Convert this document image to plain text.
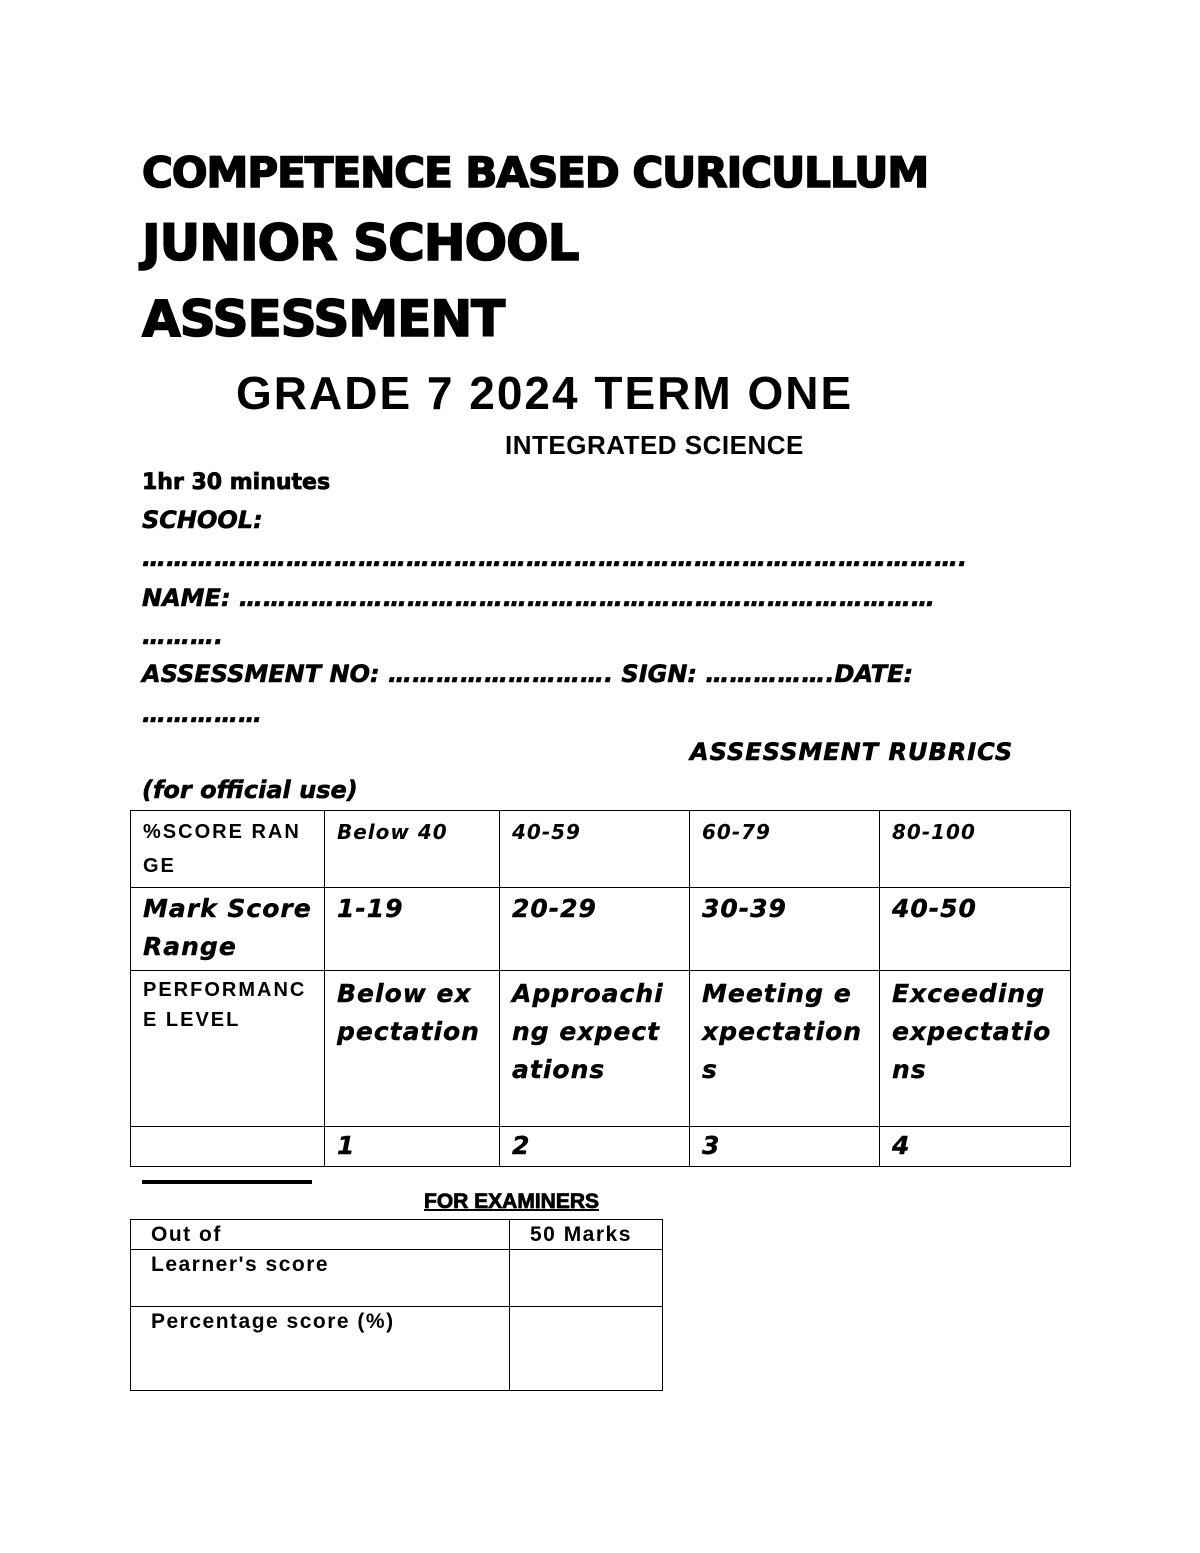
COMPETENCE BASED CURICULLUM
JUNIOR SCHOOL
ASSESSMENT
GRADE 7 2024 TERM ONE
INTEGRATED SCIENCE
1hr 30 minutes
SCHOOL:
………………………………………………………………………………………….
NAME: ……………………………………………………………………………
……….
ASSESSMENT NO: ………………………. SIGN: …………….DATE:
……………
ASSESSMENT RUBRICS
(for official use)
%SCORE RANGE	Below 40	40-59	60-79	80-100
Mark Score Range	1-19	20-29	30-39	40-50
PERFORMANCE LEVEL	Below expectation	Approaching expectations	Meeting expectations	Exceeding expectations
	1	2	3	4
FOR EXAMINERS
Out of	50 Marks
Learner's score	
Percentage score (%)	
